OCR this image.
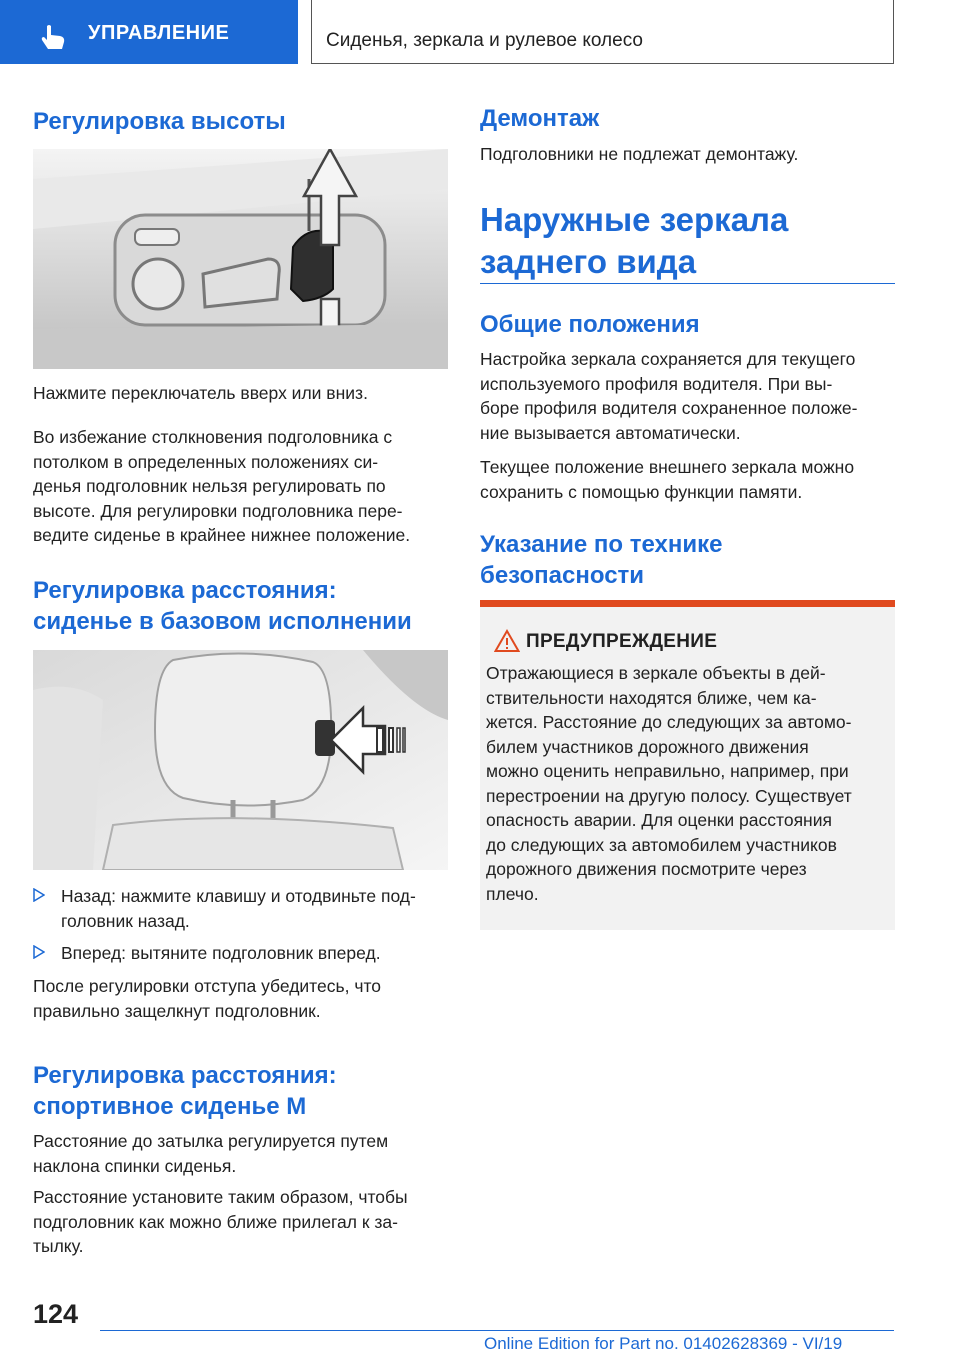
УПРАВЛЕНИЕ	Сиденья, зеркала и рулевое колесо
Регулировка высоты

Нажмите переключатель вверх или вниз.

Во избежание столкновения подголовника с
потолком в определенных положениях си-
денья подголовник нельзя регулировать по
высоте. Для регулировки подголовника пере-
ведите сиденье в крайнее нижнее положение.
Регулировка расстояния:
сиденье в базовом исполнении
Назад: нажмите клавишу и отодвиньте под-
головник назад.
Вперед: вытяните подголовник вперед.
После регулировки отступа убедитесь, что
правильно защелкнут подголовник.
Регулировка расстояния:
спортивное сиденье M
Расстояние до затылка регулируется путем
наклона спинки сиденья.
Расстояние установите таким образом, чтобы
подголовник как можно ближе прилегал к за-
тылку.
Демонтаж

Подголовники не подлежат демонтажу.

Наружные зеркала
заднего вида
Общие положения
Настройка зеркала сохраняется для текущего
используемого профиля водителя. При вы-
боре профиля водителя сохраненное положе-
ние вызывается автоматически.
Текущее положение внешнего зеркала можно
сохранить с помощью функции памяти.
Указание по технике
безопасности
ПРЕДУПРЕЖДЕНИЕ
Отражающиеся в зеркале объекты в дей-
ствительности находятся ближе, чем ка-
жется. Расстояние до следующих за автомо-
билем участников дорожного движения
можно оценить неправильно, например, при
перестроении на другую полосу. Существует
опасность аварии. Для оценки расстояния
до следующих за автомобилем участников
дорожного движения посмотрите через
плечо.
124
Online Edition for Part no. 01402628369 - VI/19
